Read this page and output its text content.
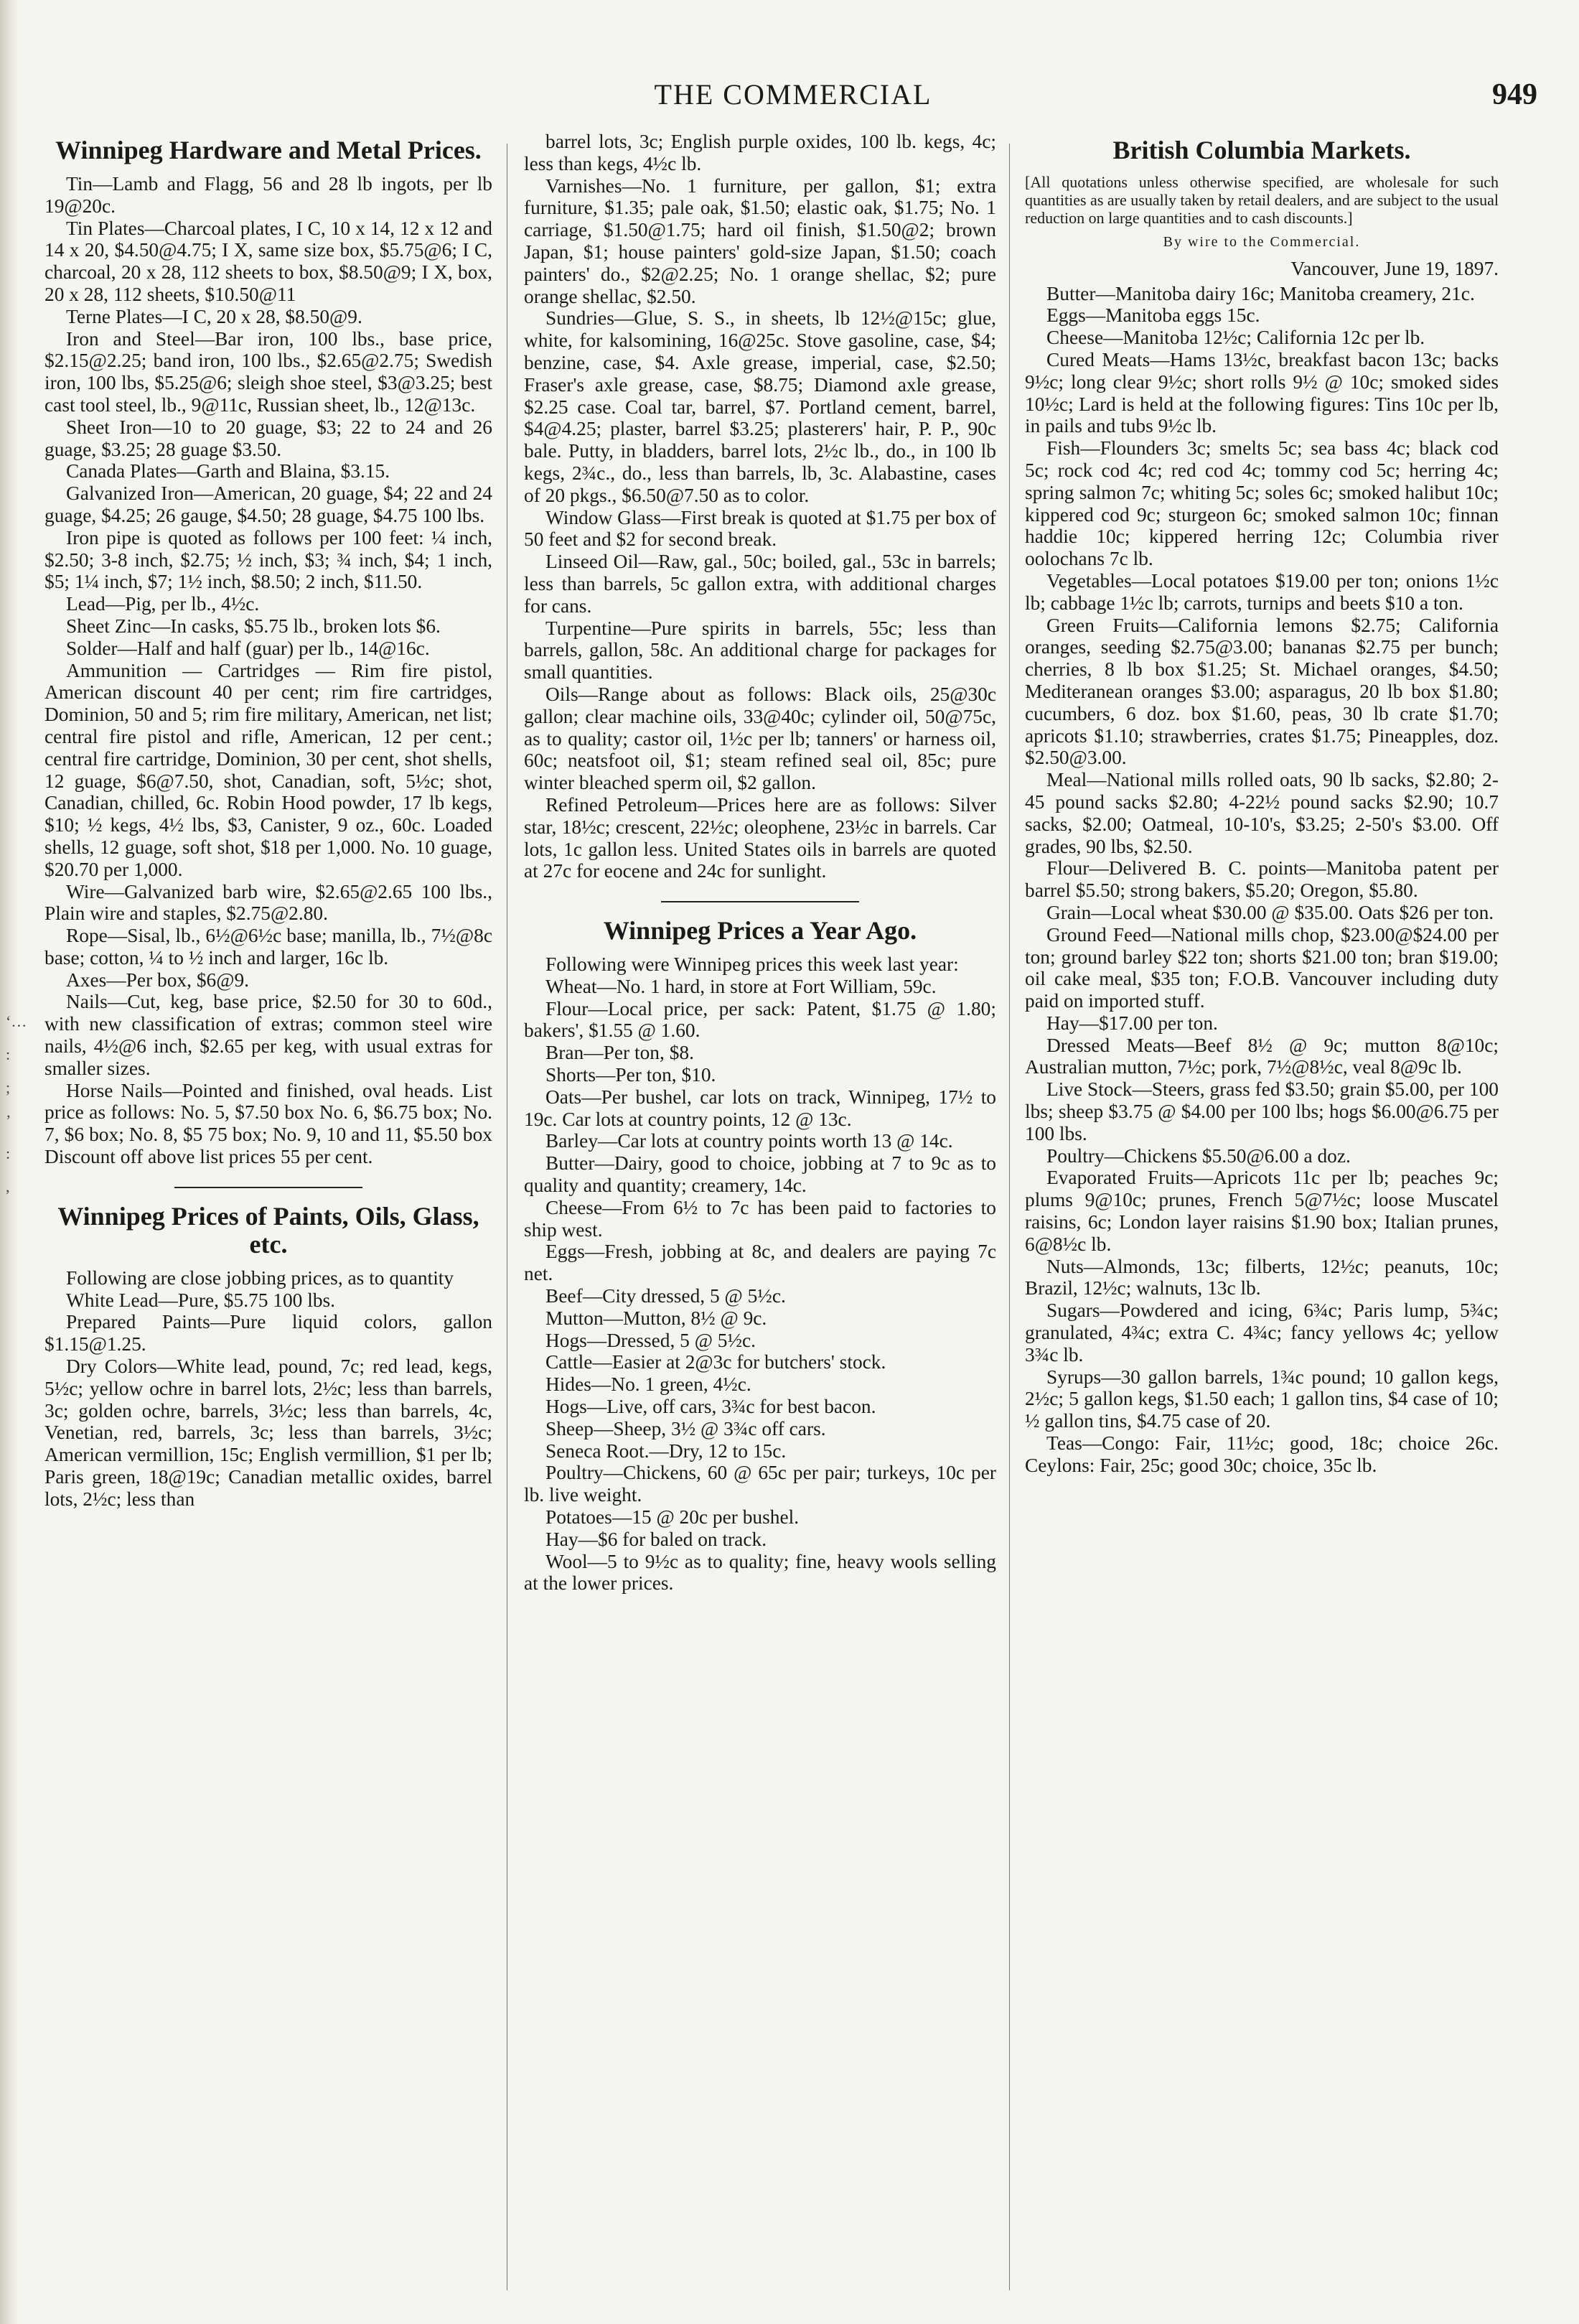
‘…
:
;
’
:
,
THE COMMERCIAL	949
Winnipeg Hardware and Metal Prices.

Tin—Lamb and Flagg, 56 and 28 lb ingots, per lb 19@20c.

Tin Plates—Charcoal plates, I C, 10 x 14, 12 x 12 and 14 x 20, $4.50@4.75; I X, same size box, $5.75@6; I C, charcoal, 20 x 28, 112 sheets to box, $8.50@9; I X, box, 20 x 28, 112 sheets, $10.50@11

Terne Plates—I C, 20 x 28, $8.50@9.

Iron and Steel—Bar iron, 100 lbs., base price, $2.15@2.25; band iron, 100 lbs., $2.65@2.75; Swedish iron, 100 lbs, $5.25@6; sleigh shoe steel, $3@3.25; best cast tool steel, lb., 9@11c, Russian sheet, lb., 12@13c.

Sheet Iron—10 to 20 guage, $3; 22 to 24 and 26 guage, $3.25; 28 guage $3.50.

Canada Plates—Garth and Blaina, $3.15.

Galvanized Iron—American, 20 guage, $4; 22 and 24 guage, $4.25; 26 gauge, $4.50; 28 guage, $4.75 100 lbs.

Iron pipe is quoted as follows per 100 feet: ¼ inch, $2.50; 3-8 inch, $2.75; ½ inch, $3; ¾ inch, $4; 1 inch, $5; 1¼ inch, $7; 1½ inch, $8.50; 2 inch, $11.50.

Lead—Pig, per lb., 4½c.

Sheet Zinc—In casks, $5.75 lb., broken lots $6.

Solder—Half and half (guar) per lb., 14@16c.

Ammunition — Cartridges — Rim fire pistol, American discount 40 per cent; rim fire cartridges, Dominion, 50 and 5; rim fire military, American, net list; central fire pistol and rifle, American, 12 per cent.; central fire cartridge, Dominion, 30 per cent, shot shells, 12 guage, $6@7.50, shot, Canadian, soft, 5½c; shot, Canadian, chilled, 6c. Robin Hood powder, 17 lb kegs, $10; ½ kegs, 4½ lbs, $3, Canister, 9 oz., 60c. Loaded shells, 12 guage, soft shot, $18 per 1,000. No. 10 guage, $20.70 per 1,000.

Wire—Galvanized barb wire, $2.65@2.65 100 lbs., Plain wire and staples, $2.75@2.80.

Rope—Sisal, lb., 6½@6½c base; manilla, lb., 7½@8c base; cotton, ¼ to ½ inch and larger, 16c lb.

Axes—Per box, $6@9.

Nails—Cut, keg, base price, $2.50 for 30 to 60d., with new classification of extras; common steel wire nails, 4½@6 inch, $2.65 per keg, with usual extras for smaller sizes.

Horse Nails—Pointed and finished, oval heads. List price as follows: No. 5, $7.50 box No. 6, $6.75 box; No. 7, $6 box; No. 8, $5 75 box; No. 9, 10 and 11, $5.50 box Discount off above list prices 55 per cent.

Winnipeg Prices of Paints, Oils, Glass, etc.

Following are close jobbing prices, as to quantity

White Lead—Pure, $5.75 100 lbs.

Prepared Paints—Pure liquid colors, gallon $1.15@1.25.

Dry Colors—White lead, pound, 7c; red lead, kegs, 5½c; yellow ochre in barrel lots, 2½c; less than barrels, 3c; golden ochre, barrels, 3½c; less than barrels, 4c, Venetian, red, barrels, 3c; less than barrels, 3½c; American vermillion, 15c; English vermillion, $1 per lb; Paris green, 18@19c; Canadian metallic oxides, barrel lots, 2½c; less than

barrel lots, 3c; English purple oxides, 100 lb. kegs, 4c; less than kegs, 4½c lb.

Varnishes—No. 1 furniture, per gallon, $1; extra furniture, $1.35; pale oak, $1.50; elastic oak, $1.75; No. 1 carriage, $1.50@1.75; hard oil finish, $1.50@2; brown Japan, $1; house painters' gold-size Japan, $1.50; coach painters' do., $2@2.25; No. 1 orange shellac, $2; pure orange shellac, $2.50.

Sundries—Glue, S. S., in sheets, lb 12½@15c; glue, white, for kalsomining, 16@25c. Stove gasoline, case, $4; benzine, case, $4. Axle grease, imperial, case, $2.50; Fraser's axle grease, case, $8.75; Diamond axle grease, $2.25 case. Coal tar, barrel, $7. Portland cement, barrel, $4@4.25; plaster, barrel $3.25; plasterers' hair, P. P., 90c bale. Putty, in bladders, barrel lots, 2½c lb., do., in 100 lb kegs, 2¾c., do., less than barrels, lb, 3c. Alabastine, cases of 20 pkgs., $6.50@7.50 as to color.

Window Glass—First break is quoted at $1.75 per box of 50 feet and $2 for second break.

Linseed Oil—Raw, gal., 50c; boiled, gal., 53c in barrels; less than barrels, 5c gallon extra, with additional charges for cans.

Turpentine—Pure spirits in barrels, 55c; less than barrels, gallon, 58c. An additional charge for packages for small quantities.

Oils—Range about as follows: Black oils, 25@30c gallon; clear machine oils, 33@40c; cylinder oil, 50@75c, as to quality; castor oil, 1½c per lb; tanners' or harness oil, 60c; neatsfoot oil, $1; steam refined seal oil, 85c; pure winter bleached sperm oil, $2 gallon.

Refined Petroleum—Prices here are as follows: Silver star, 18½c; crescent, 22½c; oleophene, 23½c in barrels. Car lots, 1c gallon less. United States oils in barrels are quoted at 27c for eocene and 24c for sunlight.

Winnipeg Prices a Year Ago.

Following were Winnipeg prices this week last year:

Wheat—No. 1 hard, in store at Fort William, 59c.

Flour—Local price, per sack: Patent, $1.75 @ 1.80; bakers', $1.55 @ 1.60.

Bran—Per ton, $8.

Shorts—Per ton, $10.

Oats—Per bushel, car lots on track, Winnipeg, 17½ to 19c. Car lots at country points, 12 @ 13c.

Barley—Car lots at country points worth 13 @ 14c.

Butter—Dairy, good to choice, jobbing at 7 to 9c as to quality and quantity; creamery, 14c.

Cheese—From 6½ to 7c has been paid to factories to ship west.

Eggs—Fresh, jobbing at 8c, and dealers are paying 7c net.

Beef—City dressed, 5 @ 5½c.

Mutton—Mutton, 8½ @ 9c.

Hogs—Dressed, 5 @ 5½c.

Cattle—Easier at 2@3c for butchers' stock.

Hides—No. 1 green, 4½c.

Hogs—Live, off cars, 3¾c for best bacon.

Sheep—Sheep, 3½ @ 3¾c off cars.

Seneca Root.—Dry, 12 to 15c.

Poultry—Chickens, 60 @ 65c per pair; turkeys, 10c per lb. live weight.

Potatoes—15 @ 20c per bushel.

Hay—$6 for baled on track.

Wool—5 to 9½c as to quality; fine, heavy wools selling at the lower prices.

British Columbia Markets.

[All quotations unless otherwise specified, are wholesale for such quantities as are usually taken by retail dealers, and are subject to the usual reduction on large quantities and to cash discounts.]

By wire to the Commercial.

Vancouver, June 19, 1897.

Butter—Manitoba dairy 16c; Manitoba creamery, 21c.

Eggs—Manitoba eggs 15c.

Cheese—Manitoba 12½c; California 12c per lb.

Cured Meats—Hams 13½c, breakfast bacon 13c; backs 9½c; long clear 9½c; short rolls 9½ @ 10c; smoked sides 10½c; Lard is held at the following figures: Tins 10c per lb, in pails and tubs 9½c lb.

Fish—Flounders 3c; smelts 5c; sea bass 4c; black cod 5c; rock cod 4c; red cod 4c; tommy cod 5c; herring 4c; spring salmon 7c; whiting 5c; soles 6c; smoked halibut 10c; kippered cod 9c; sturgeon 6c; smoked salmon 10c; finnan haddie 10c; kippered herring 12c; Columbia river oolochans 7c lb.

Vegetables—Local potatoes $19.00 per ton; onions 1½c lb; cabbage 1½c lb; carrots, turnips and beets $10 a ton.

Green Fruits—California lemons $2.75; California oranges, seeding $2.75@3.00; bananas $2.75 per bunch; cherries, 8 lb box $1.25; St. Michael oranges, $4.50; Mediteranean oranges $3.00; asparagus, 20 lb box $1.80; cucumbers, 6 doz. box $1.60, peas, 30 lb crate $1.70; apricots $1.10; strawberries, crates $1.75; Pineapples, doz. $2.50@3.00.

Meal—National mills rolled oats, 90 lb sacks, $2.80; 2-45 pound sacks $2.80; 4-22½ pound sacks $2.90; 10.7 sacks, $2.00; Oatmeal, 10-10's, $3.25; 2-50's $3.00. Off grades, 90 lbs, $2.50.

Flour—Delivered B. C. points—Manitoba patent per barrel $5.50; strong bakers, $5.20; Oregon, $5.80.

Grain—Local wheat $30.00 @ $35.00. Oats $26 per ton.

Ground Feed—National mills chop, $23.00@$24.00 per ton; ground barley $22 ton; shorts $21.00 ton; bran $19.00; oil cake meal, $35 ton; F.O.B. Vancouver including duty paid on imported stuff.

Hay—$17.00 per ton.

Dressed Meats—Beef 8½ @ 9c; mutton 8@10c; Australian mutton, 7½c; pork, 7½@8½c, veal 8@9c lb.

Live Stock—Steers, grass fed $3.50; grain $5.00, per 100 lbs; sheep $3.75 @ $4.00 per 100 lbs; hogs $6.00@6.75 per 100 lbs.

Poultry—Chickens $5.50@6.00 a doz.

Evaporated Fruits—Apricots 11c per lb; peaches 9c; plums 9@10c; prunes, French 5@7½c; loose Muscatel raisins, 6c; London layer raisins $1.90 box; Italian prunes, 6@8½c lb.

Nuts—Almonds, 13c; filberts, 12½c; peanuts, 10c; Brazil, 12½c; walnuts, 13c lb.

Sugars—Powdered and icing, 6¾c; Paris lump, 5¾c; granulated, 4¾c; extra C. 4¾c; fancy yellows 4c; yellow 3¾c lb.

Syrups—30 gallon barrels, 1¾c pound; 10 gallon kegs, 2½c; 5 gallon kegs, $1.50 each; 1 gallon tins, $4 case of 10; ½ gallon tins, $4.75 case of 20.

Teas—Congo: Fair, 11½c; good, 18c; choice 26c. Ceylons: Fair, 25c; good 30c; choice, 35c lb.
